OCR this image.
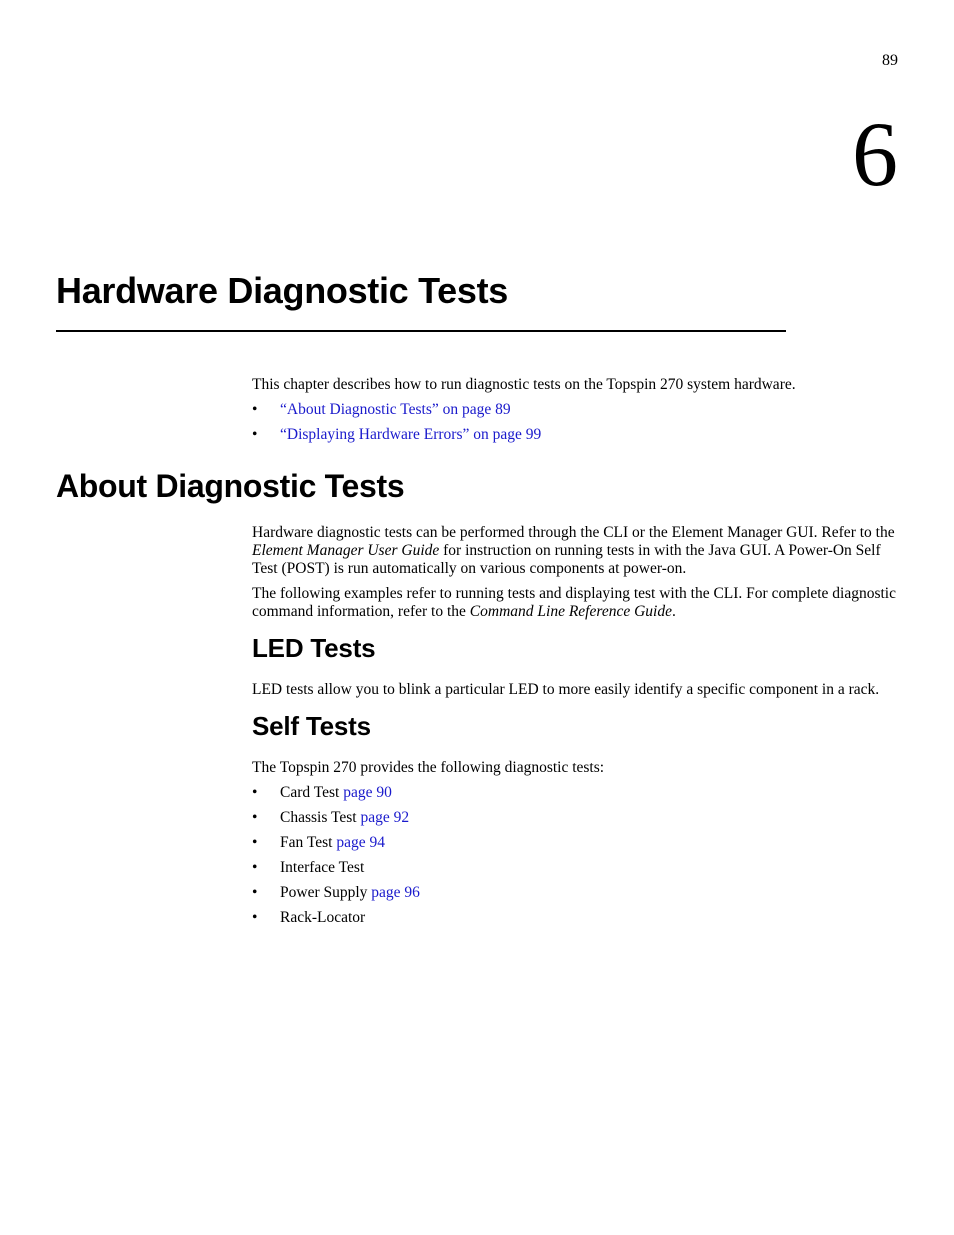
89
6
Hardware Diagnostic Tests

This chapter describes how to run diagnostic tests on the Topspin 270 system hardware.

• “About Diagnostic Tests” on page 89
• “Displaying Hardware Errors” on page 99
About Diagnostic Tests

Hardware diagnostic tests can be performed through the CLI or the Element Manager GUI. Refer to the Element Manager User Guide for instruction on running tests in with the Java GUI. A Power-On Self Test (POST) is run automatically on various components at power-on.

The following examples refer to running tests and displaying test with the CLI. For complete diagnostic command information, refer to the Command Line Reference Guide.

LED Tests

LED tests allow you to blink a particular LED to more easily identify a specific component in a rack.

Self Tests

The Topspin 270 provides the following diagnostic tests:

• Card Test page 90
• Chassis Test page 92
• Fan Test page 94
• Interface Test
• Power Supply page 96
• Rack-Locator
